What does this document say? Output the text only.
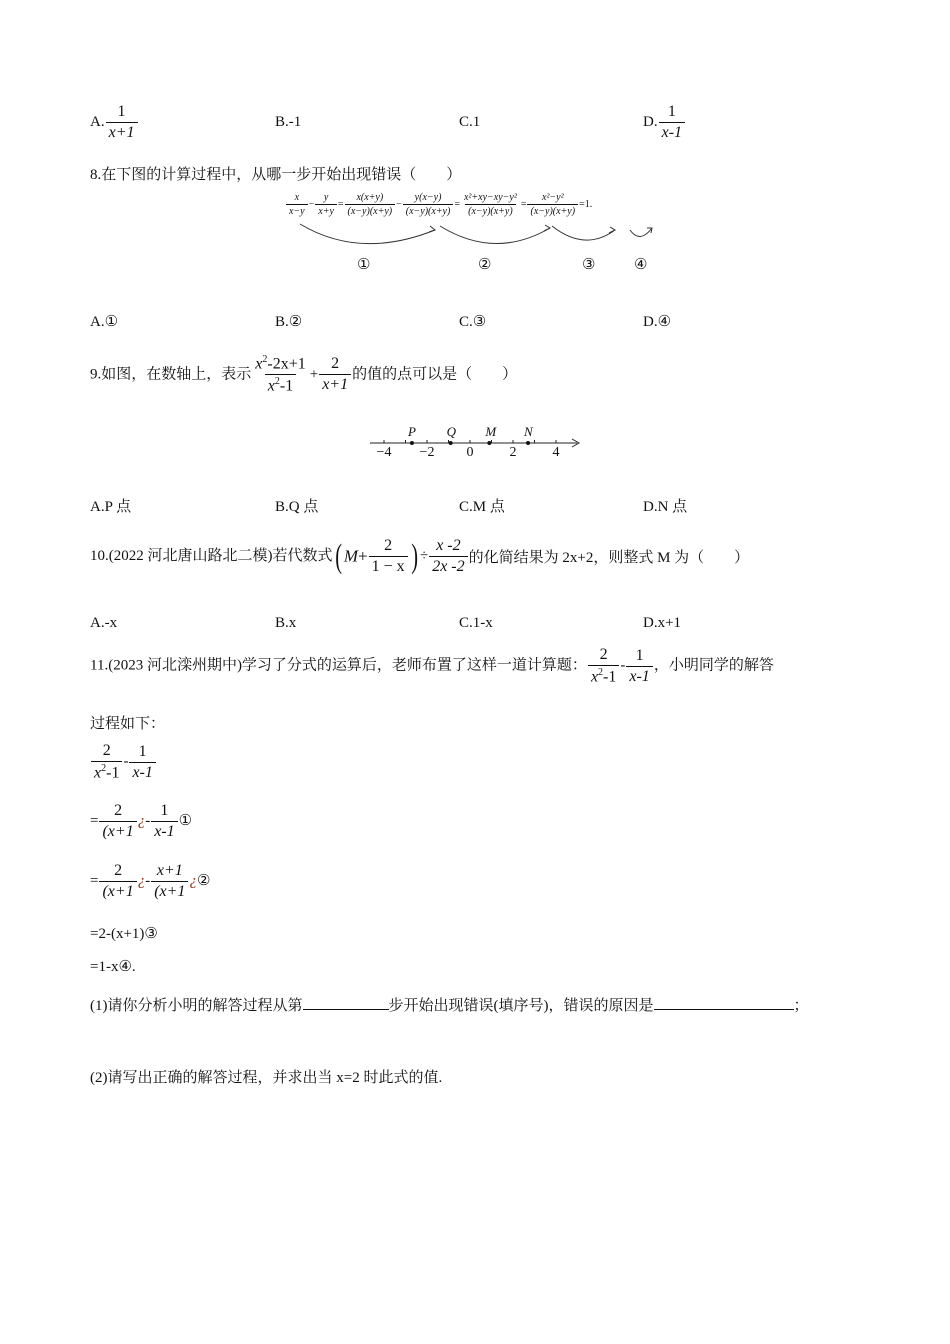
A. $\frac{1}{x+1}$	B.-1	C.1	D. $\frac{1}{x-1}$
8.在下图的计算过程中，从哪一步开始出现错误（　　）
$\frac{x}{x-y} - \frac{y}{x+y} = \frac{x(x+y)}{(x-y)(x+y)} - \frac{y(x-y)}{(x-y)(x+y)} = \frac{\text{x²+xy−xy−y²}}{(x-y)(x+y)} = \frac{\text{x²−y²}}{(x-y)(x+y)} =1$.
①	②	③	④
A.①	B.②	C.③	D.④
9.如图，在数轴上，表示 $\frac{x^2-2x+1}{x^2-1} + \frac{2}{x+1}$ 的值的点可以是（　　）
−4 −2	0	2	4
P Q M N
A.P 点	B.Q 点	C.M 点	D.N 点
10.(2022 河北唐山路北二模)若代数式( $M+ \frac{2}{1 - x}$ ) ÷ $\frac{x -2}{2x -2}$ 的化简结果为 2x+2，则整式 M 为（　　）
A.-x	B.x	C.1-x	D.x+1
11.(2023 河北滦州期中)学习了分式的运算后，老师布置了这样一道计算题： $\frac{2}{x^2-1} - \frac{1}{x-1}$ ，小明同学的解答
过程如下：
$\frac{2}{x^2-1} - \frac{1}{x-1}$
= $\frac{2}{(x+1}$ ¿- $\frac{1}{x-1}$ ①
= $\frac{2}{(x+1}$ ¿- $\frac{x+1}{(x+1}$ ¿②
=2-(x+1)③
=1-x④.
(1)请你分析小明的解答过程从第	步开始出现错误(填序号)，错误的原因是	；
(2)请写出正确的解答过程，并求出当 x=2 时此式的值.
